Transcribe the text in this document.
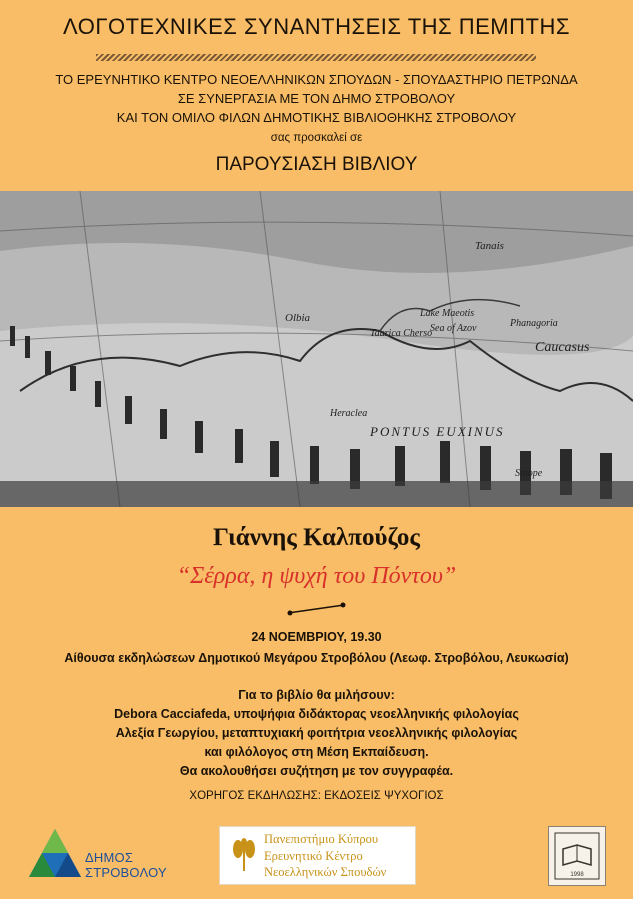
ΛΟΓΟΤΕΧΝΙΚΕΣ ΣΥΝΑΝΤΗΣΕΙΣ ΤΗΣ ΠΕΜΠΤΗΣ
ΤΟ ΕΡΕΥΝΗΤΙΚΟ ΚΕΝΤΡΟ ΝΕΟΕΛΛΗΝΙΚΩΝ ΣΠΟΥΔΩΝ - ΣΠΟΥΔΑΣΤΗΡΙΟ ΠΕΤΡΩΝΔΑ
ΣΕ ΣΥΝΕΡΓΑΣΙΑ ΜΕ ΤΟΝ ΔΗΜΟ ΣΤΡΟΒΟΛΟΥ
ΚΑΙ ΤΟΝ ΟΜΙΛΟ ΦΙΛΩΝ ΔΗΜΟΤΙΚΗΣ ΒΙΒΛΙΟΘΗΚΗΣ ΣΤΡΟΒΟΛΟΥ
σας προσκαλεί σε
ΠΑΡΟΥΣΙΑΣΗ ΒΙΒΛΙΟΥ
Tanais
Olbia	Lake Maeotis
Sea of Azov	Phanagoria
Taurica Cherso
Caucasus
Heraclea
PONTUS EUXINUS
Sinope
Γιάννης Καλπούζος
“Σέρρα, η ψυχή του Πόντου”
24 ΝΟΕΜΒΡΙΟΥ, 19.30
Αίθουσα εκδηλώσεων Δημοτικού Μεγάρου Στροβόλου (Λεωφ. Στροβόλου, Λευκωσία)
Για το βιβλίο θα μιλήσουν:
Debora Cacciafeda, υποψήφια διδάκτορας νεοελληνικής φιλολογίας
Αλεξία Γεωργίου, μεταπτυχιακή φοιτήτρια νεοελληνικής φιλολογίας
και φιλόλογος στη Μέση Εκπαίδευση.
Θα ακολουθήσει συζήτηση με τον συγγραφέα.
ΧΟΡΗΓΟΣ ΕΚΔΗΛΩΣΗΣ: ΕΚΔΟΣΕΙΣ ΨΥΧΟΓΙΟΣ
ΔΗΜΟΣ
ΣΤΡΟΒΟΛΟΥ
Πανεπιστήμιο Κύπρου
Ερευνητικό Κέντρο
Νεοελληνικών Σπουδών	1998
